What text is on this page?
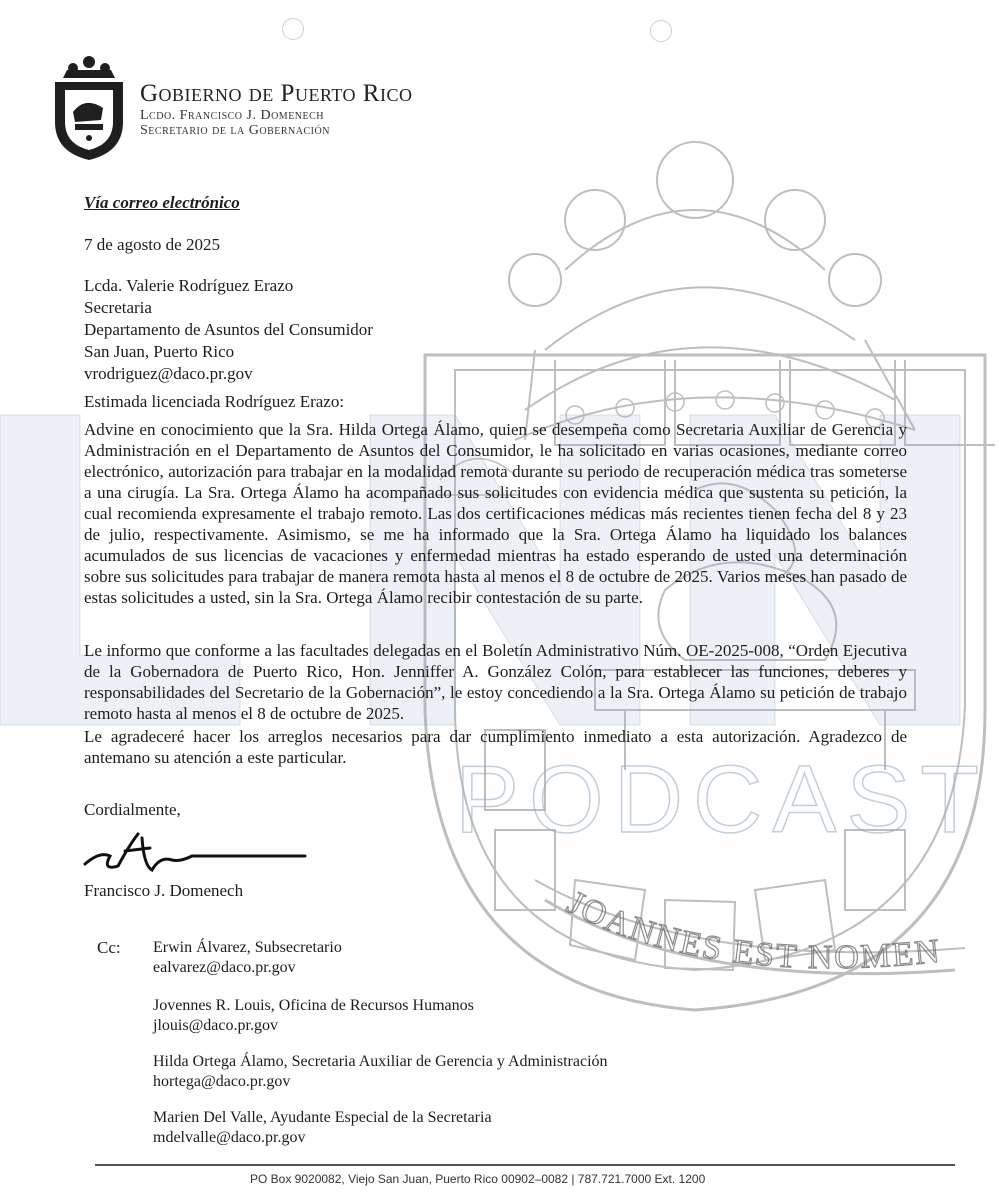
JOANNES EST NOMEN
PODCAST
Gobierno de Puerto Rico
Lcdo. Francisco J. Domenech
Secretario de la Gobernación
Vía correo electrónico
7 de agosto de 2025
Lcda. Valerie Rodríguez Erazo
Secretaria
Departamento de Asuntos del Consumidor
San Juan, Puerto Rico
vrodriguez@daco.pr.gov
Estimada licenciada Rodríguez Erazo:
Advine en conocimiento que la Sra. Hilda Ortega Álamo, quien se desempeña como Secretaria Auxiliar de Gerencia y Administración en el Departamento de Asuntos del Consumidor, le ha solicitado en varias ocasiones, mediante correo electrónico, autorización para trabajar en la modalidad remota durante su periodo de recuperación médica tras someterse a una cirugía. La Sra. Ortega Álamo ha acompañado sus solicitudes con evidencia médica que sustenta su petición, la cual recomienda expresamente el trabajo remoto. Las dos certificaciones médicas más recientes tienen fecha del 8 y 23 de julio, respectivamente. Asimismo, se me ha informado que la Sra. Ortega Álamo ha liquidado los balances acumulados de sus licencias de vacaciones y enfermedad mientras ha estado esperando de usted una determinación sobre sus solicitudes para trabajar de manera remota hasta al menos el 8 de octubre de 2025. Varios meses han pasado de estas solicitudes a usted, sin la Sra. Ortega Álamo recibir contestación de su parte.
Le informo que conforme a las facultades delegadas en el Boletín Administrativo Núm. OE-2025-008, “Orden Ejecutiva de la Gobernadora de Puerto Rico, Hon. Jenniffer A. González Colón, para establecer las funciones, deberes y responsabilidades del Secretario de la Gobernación”, le estoy concediendo a la Sra. Ortega Álamo su petición de trabajo remoto hasta al menos el 8 de octubre de 2025.
Le agradeceré hacer los arreglos necesarios para dar cumplimiento inmediato a esta autorización. Agradezco de antemano su atención a este particular.
Cordialmente,
Francisco J. Domenech
Cc: Erwin Álvarez, Subsecretario
ealvarez@daco.pr.gov
Jovennes R. Louis, Oficina de Recursos Humanos
jlouis@daco.pr.gov
Hilda Ortega Álamo, Secretaria Auxiliar de Gerencia y Administración
hortega@daco.pr.gov
Marien Del Valle, Ayudante Especial de la Secretaria
mdelvalle@daco.pr.gov
PO Box 9020082, Viejo San Juan, Puerto Rico 00902–0082 | 787.721.7000 Ext. 1200
